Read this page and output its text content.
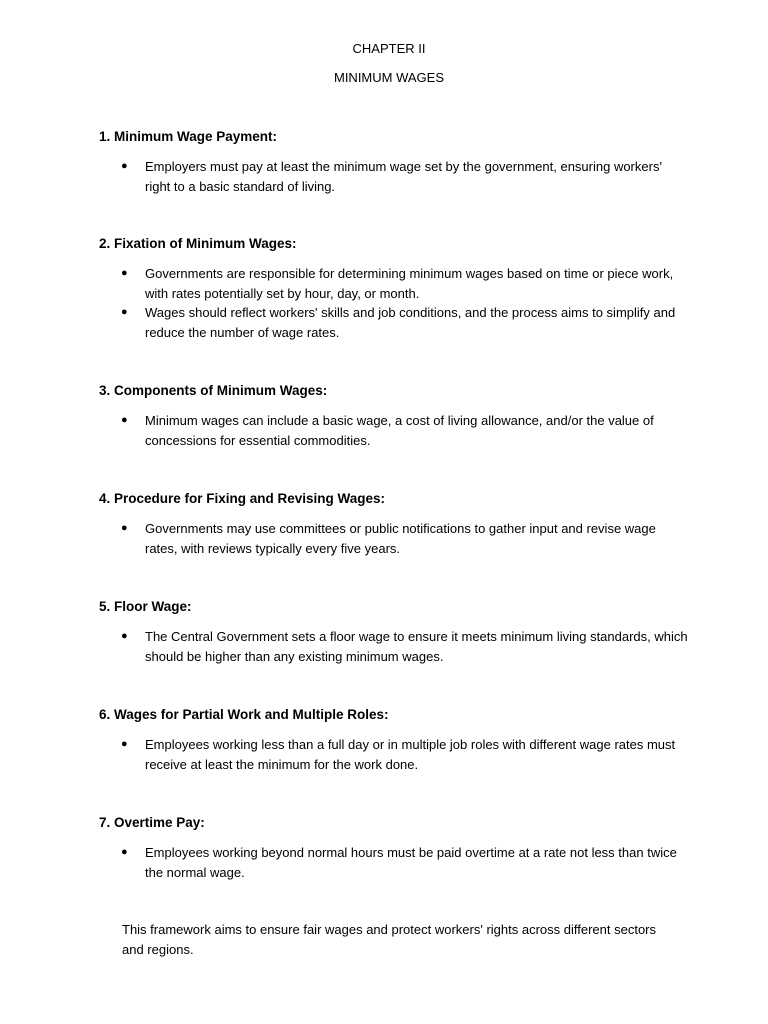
CHAPTER II
MINIMUM WAGES
1. Minimum Wage Payment:
● Employers must pay at least the minimum wage set by the government, ensuring workers' right to a basic standard of living.
2. Fixation of Minimum Wages:
● Governments are responsible for determining minimum wages based on time or piece work, with rates potentially set by hour, day, or month.
● Wages should reflect workers' skills and job conditions, and the process aims to simplify and reduce the number of wage rates.
3. Components of Minimum Wages:
● Minimum wages can include a basic wage, a cost of living allowance, and/or the value of concessions for essential commodities.
4. Procedure for Fixing and Revising Wages:
● Governments may use committees or public notifications to gather input and revise wage rates, with reviews typically every five years.
5. Floor Wage:
● The Central Government sets a floor wage to ensure it meets minimum living standards, which should be higher than any existing minimum wages.
6. Wages for Partial Work and Multiple Roles:
● Employees working less than a full day or in multiple job roles with different wage rates must receive at least the minimum for the work done.
7. Overtime Pay:
● Employees working beyond normal hours must be paid overtime at a rate not less than twice the normal wage.
This framework aims to ensure fair wages and protect workers' rights across different sectors and regions.
